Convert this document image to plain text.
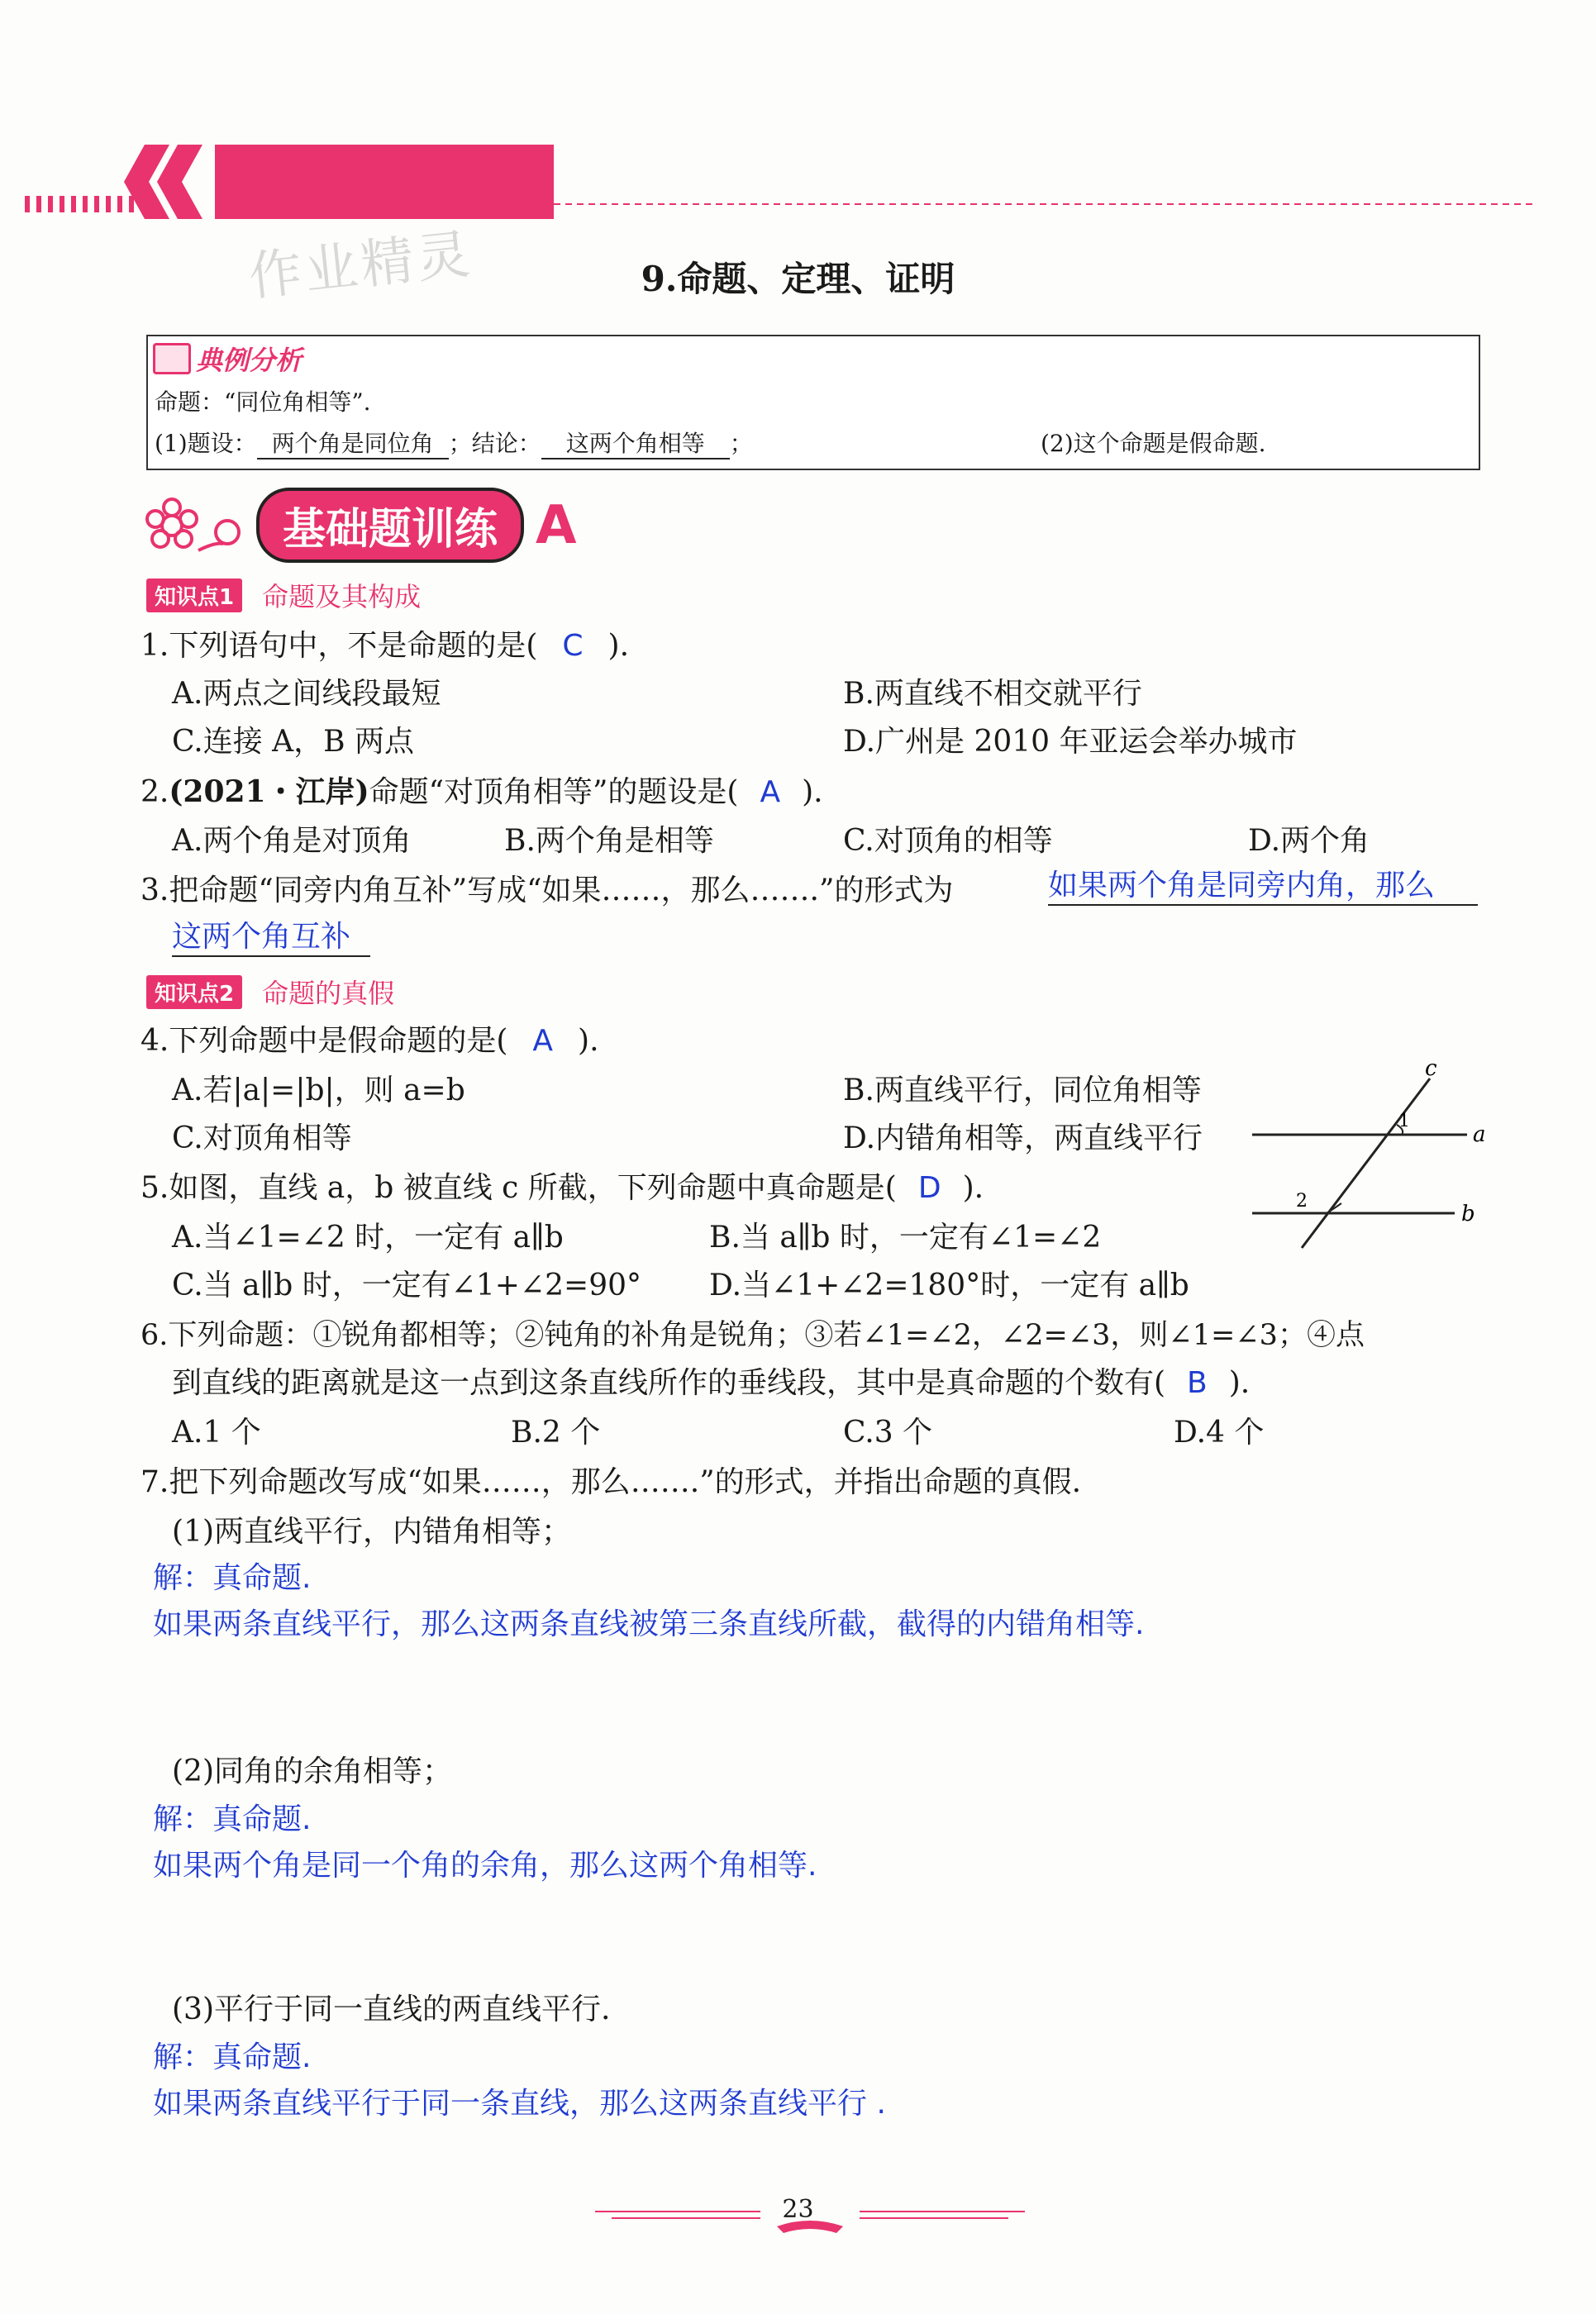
作业精灵	9.命题、定理、证明
典例分析
命题：“同位角相等”.
(1)题设： 两个角是同位角 ；结论： 这两个角相等 ；	(2)这个命题是假命题.
基础题训练 A
知识点1	命题及其构成
1.下列语句中，不是命题的是( C ).
A.两点之间线段最短	B.两直线不相交就平行
C.连接 A，B 两点	D.广州是 2010 年亚运会举办城市
2.(2021・江岸)命题“对顶角相等”的题设是( A ).
A.两个角是对顶角	B.两个角是相等	C.对顶角的相等	D.两个角
3.把命题“同旁内角互补”写成“如果……，那么…….”的形式为	如果两个角是同旁内角，那么
这两个角互补
知识点2	命题的真假
4.下列命题中是假命题的是( A ).
A.若|a|=|b|，则 a=b	B.两直线平行，同位角相等
C.对顶角相等	D.内错角相等，两直线平行
c
1
a
2
b
5.如图，直线 a，b 被直线 c 所截，下列命题中真命题是( D ).
A.当∠1=∠2 时，一定有 a∥b	B.当 a∥b 时，一定有∠1=∠2
C.当 a∥b 时，一定有∠1+∠2=90° D.当∠1+∠2=180°时，一定有 a∥b
6.下列命题：①锐角都相等；②钝角的补角是锐角；③若∠1=∠2，∠2=∠3，则∠1=∠3；④点
到直线的距离就是这一点到这条直线所作的垂线段，其中是真命题的个数有( B ).
A.1 个	B.2 个	C.3 个	D.4 个
7.把下列命题改写成“如果……，那么…….”的形式，并指出命题的真假.
(1)两直线平行，内错角相等；
解：真命题.
如果两条直线平行，那么这两条直线被第三条直线所截，截得的内错角相等.
(2)同角的余角相等；
解：真命题.
如果两个角是同一个角的余角，那么这两个角相等.
(3)平行于同一直线的两直线平行.
解：真命题.
如果两条直线平行于同一条直线，那么这两条直线平行 .
23
